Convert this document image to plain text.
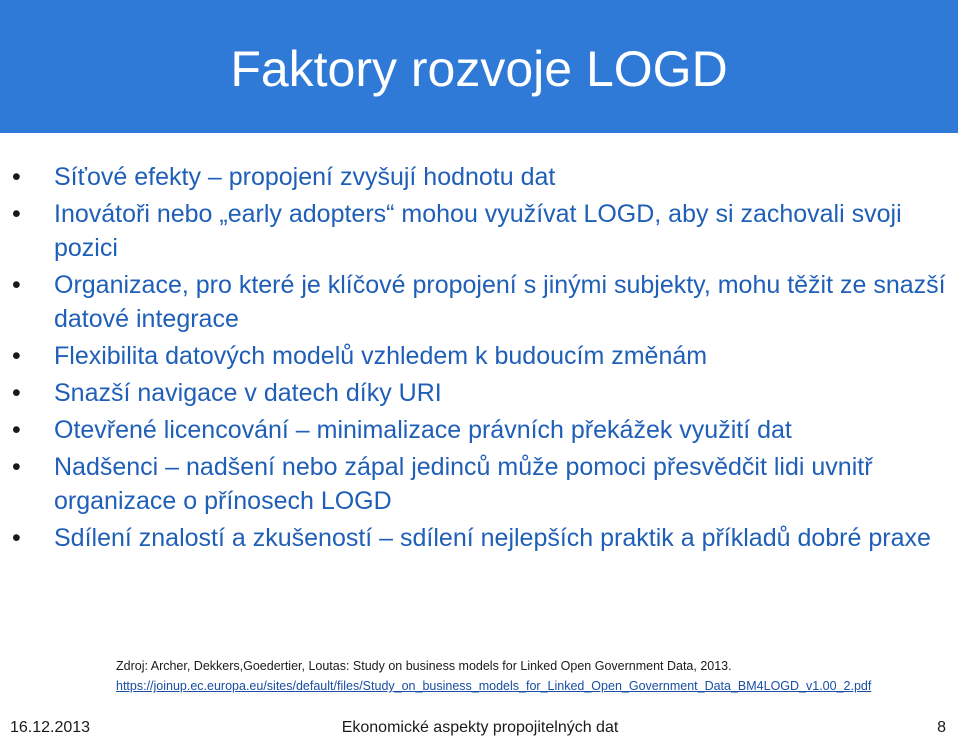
Faktory rozvoje LOGD
• Síťové efekty – propojení zvyšují hodnotu dat
• Inovátoři nebo „early adopters“ mohou využívat LOGD, aby si zachovali svoji pozici
• Organizace, pro které je klíčové propojení s jinými subjekty, mohu těžit ze snazší datové integrace
• Flexibilita datových modelů vzhledem k budoucím změnám
• Snazší navigace v datech díky URI
• Otevřené licencování – minimalizace právních překážek využití dat
• Nadšenci – nadšení nebo zápal jedinců může pomoci přesvědčit lidi uvnitř organizace o přínosech LOGD
• Sdílení znalostí a zkušeností – sdílení nejlepších praktik a příkladů dobré praxe
Zdroj: Archer, Dekkers,Goedertier, Loutas: Study on business models for Linked Open Government Data, 2013.
https://joinup.ec.europa.eu/sites/default/files/Study_on_business_models_for_Linked_Open_Government_Data_BM4LOGD_v1.00_2.pdf
16.12.2013	Ekonomické aspekty propojitelných dat	8
